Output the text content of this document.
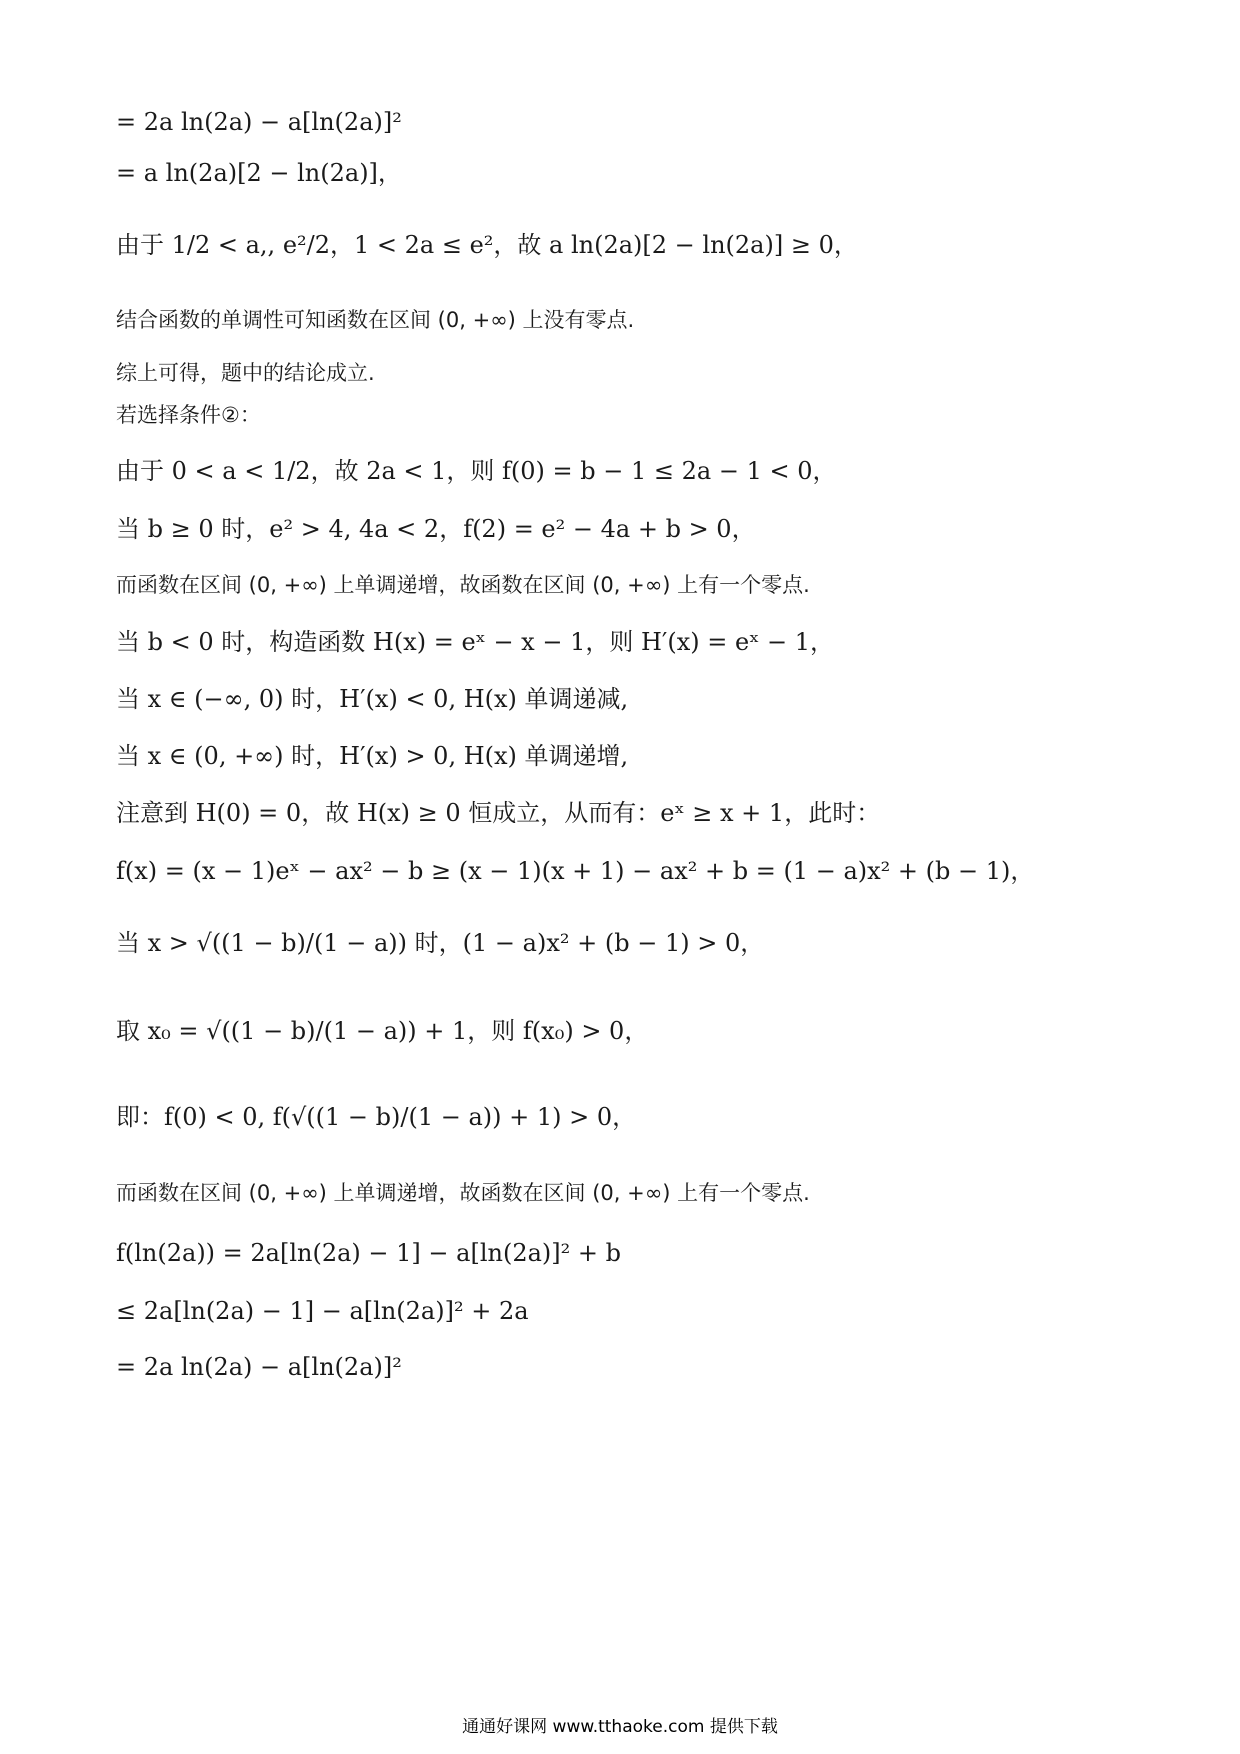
= 2a ln(2a) − a[ln(2a)]²
= a ln(2a)[2 − ln(2a)]，
由于 1/2 < a,, e²/2，1 < 2a ≤ e²，故 a ln(2a)[2 − ln(2a)] ≥ 0，
结合函数的单调性可知函数在区间 (0, +∞) 上没有零点.
综上可得，题中的结论成立.
若选择条件②：
由于 0 < a < 1/2，故 2a < 1，则 f(0) = b − 1 ≤ 2a − 1 < 0，
当 b ≥ 0 时，e² > 4, 4a < 2，f(2) = e² − 4a + b > 0，
而函数在区间 (0, +∞) 上单调递增，故函数在区间 (0, +∞) 上有一个零点.
当 b < 0 时，构造函数 H(x) = eˣ − x − 1，则 H′(x) = eˣ − 1，
当 x ∈ (−∞, 0) 时，H′(x) < 0, H(x) 单调递减,
当 x ∈ (0, +∞) 时，H′(x) > 0, H(x) 单调递增,
注意到 H(0) = 0，故 H(x) ≥ 0 恒成立，从而有：eˣ ≥ x + 1，此时：
f(x) = (x − 1)eˣ − ax² − b ≥ (x − 1)(x + 1) − ax² + b = (1 − a)x² + (b − 1)，
当 x > √((1 − b)/(1 − a)) 时，(1 − a)x² + (b − 1) > 0，
取 x₀ = √((1 − b)/(1 − a)) + 1，则 f(x₀) > 0，
即：f(0) < 0, f(√((1 − b)/(1 − a)) + 1) > 0，
而函数在区间 (0, +∞) 上单调递增，故函数在区间 (0, +∞) 上有一个零点.
f(ln(2a)) = 2a[ln(2a) − 1] − a[ln(2a)]² + b
≤ 2a[ln(2a) − 1] − a[ln(2a)]² + 2a
= 2a ln(2a) − a[ln(2a)]²
通通好课网 www.tthaoke.com 提供下载
